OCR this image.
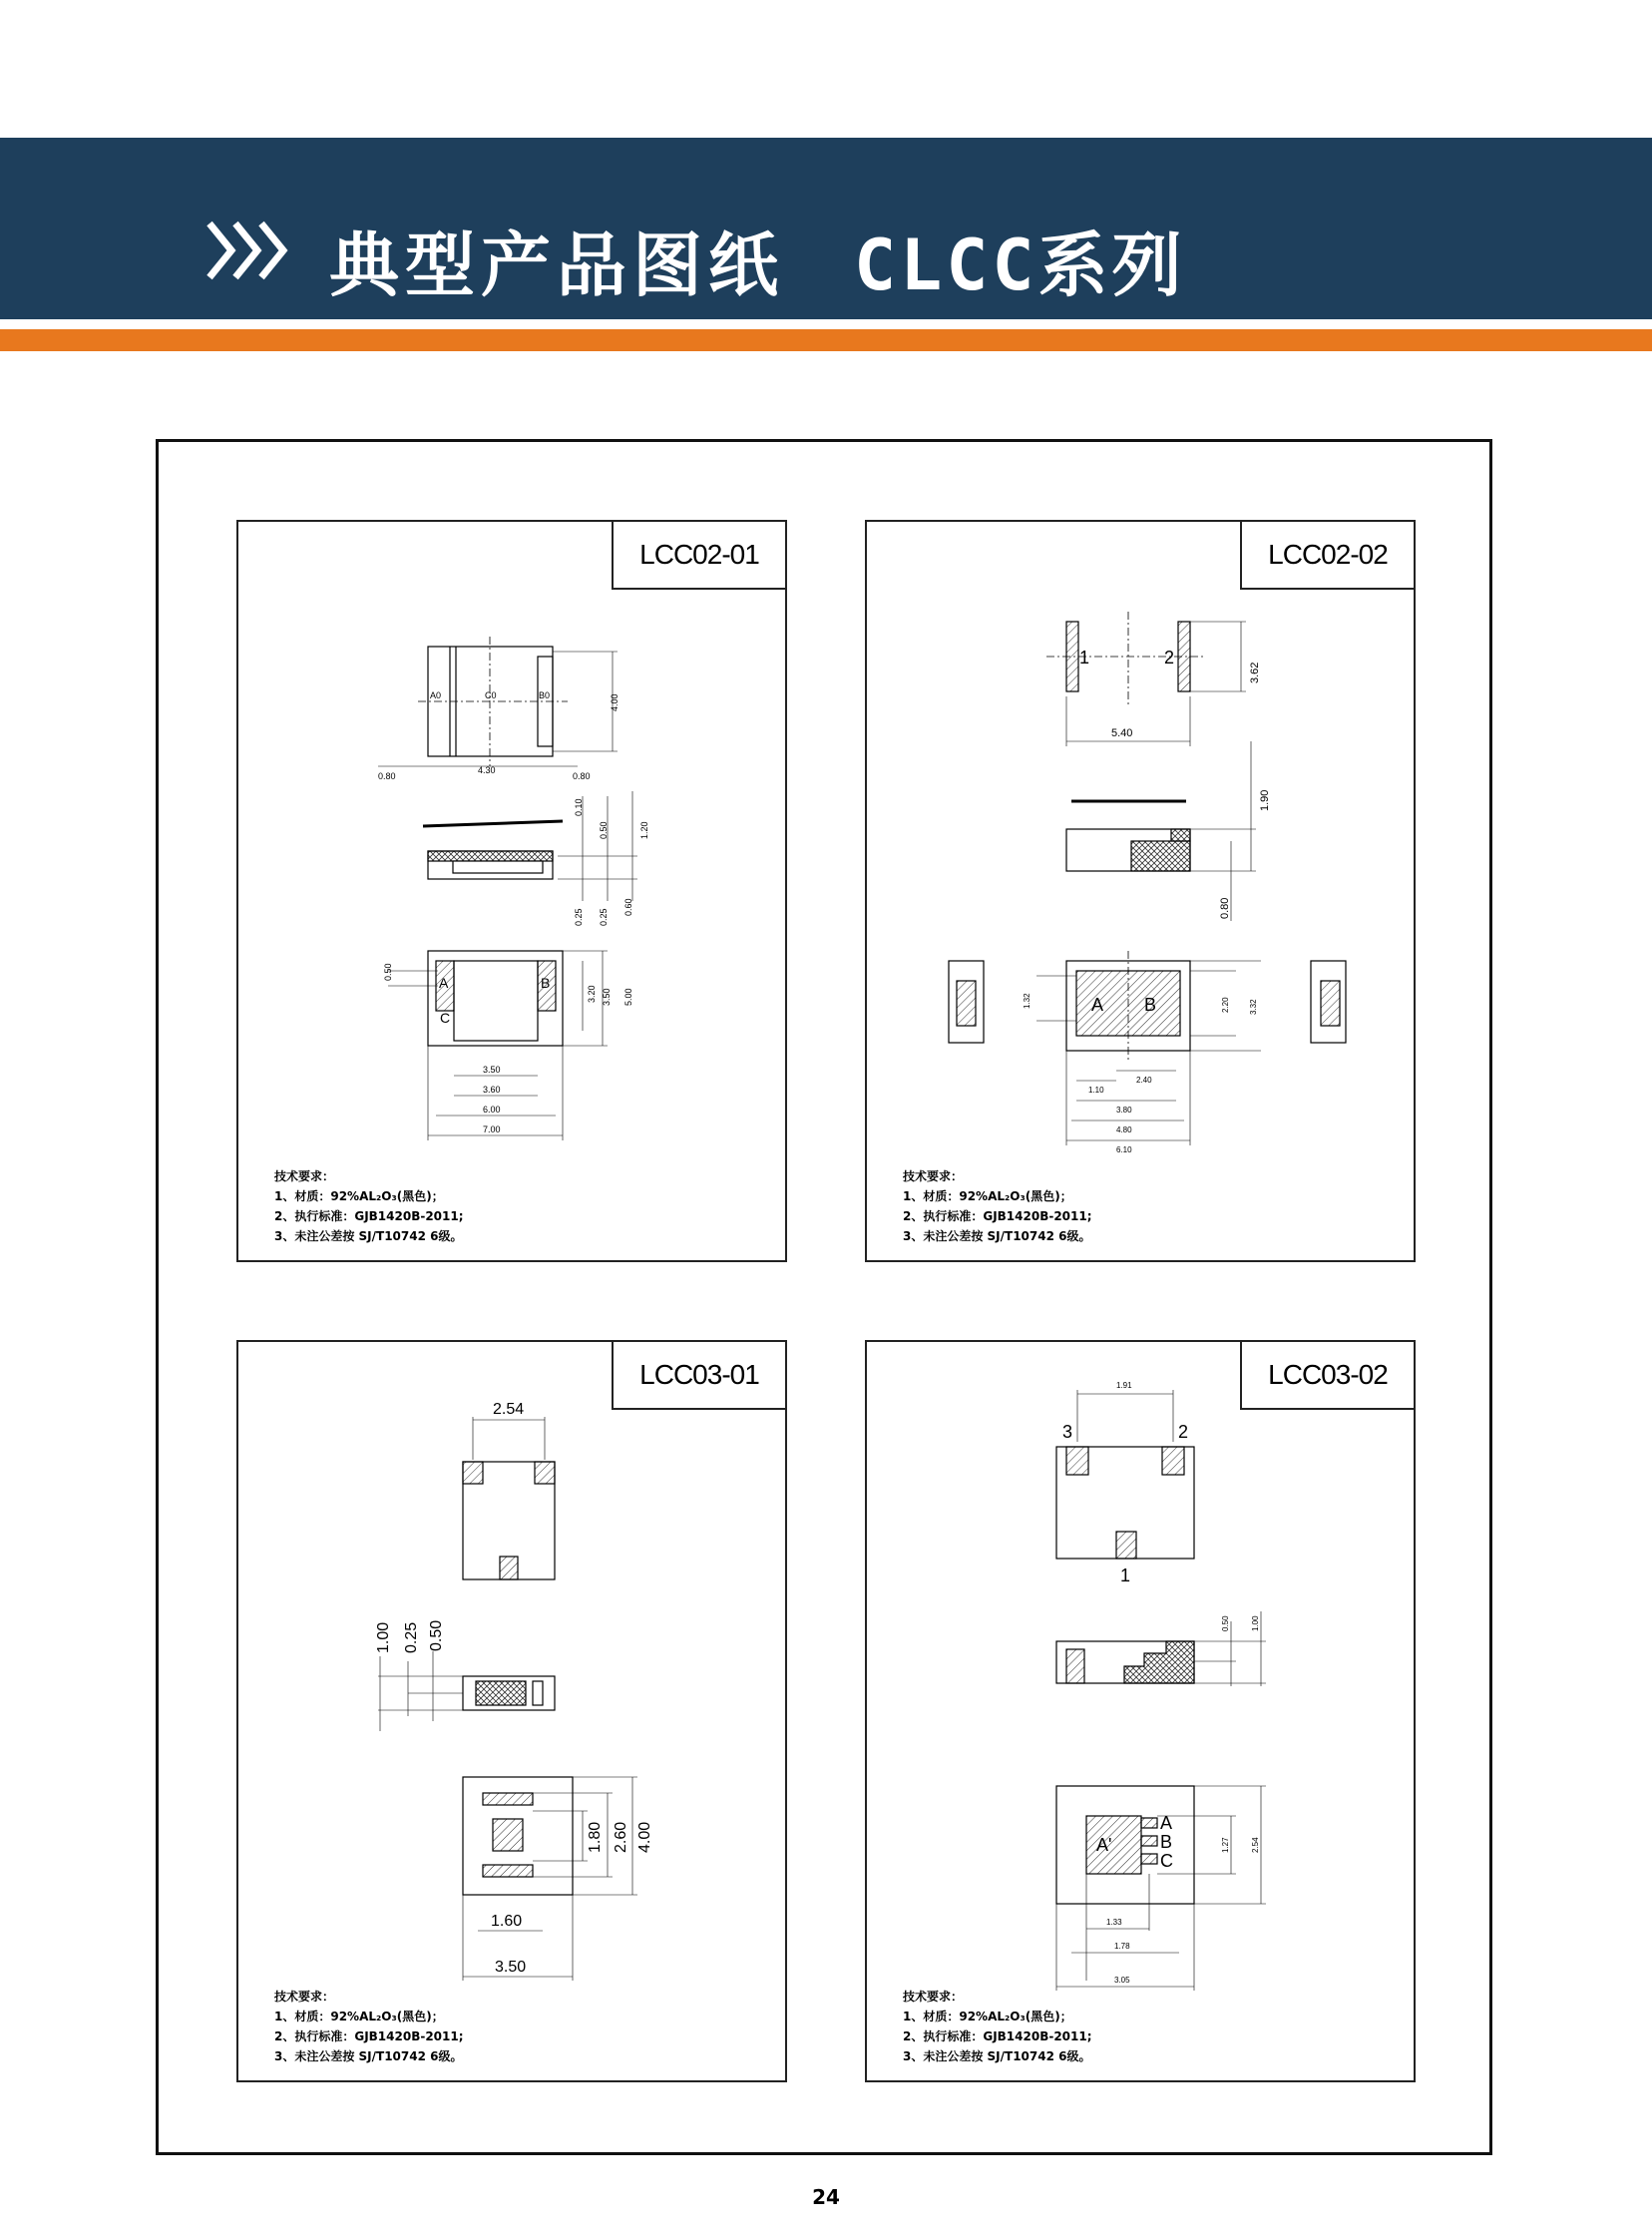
典型产品图纸 CLCC系列
LCC02-01
A0	C0	B0
0.80
4.30
0.80
4.00
0.10
0.50	1.20
0.25 0.25
0.60
0.50
3.50
3.60
6.00
7.00
3.20 3.50 5.00
A	B
C
技术要求：
1、材质：92%AL₂O₃(黑色)；
2、执行标准：GJB1420B-2011;
3、未注公差按 SJ/T10742 6级。
LCC02-02
1	2
A B
5.40
3.62
1.90
0.80
1.32	2.20 3.32
1.10
2.40
3.80
4.80
6.10
技术要求：
1、材质：92%AL₂O₃(黑色)；
2、执行标准：GJB1420B-2011;
3、未注公差按 SJ/T10742 6级。
LCC03-01
2.54
1.00 0.25 0.50
1.80 2.60 4.00
1.60
3.50
技术要求：
1、材质：92%AL₂O₃(黑色)；
2、执行标准：GJB1420B-2011;
3、未注公差按 SJ/T10742 6级。
LCC03-02
3	2
1
A'
A
B
C
1.91
0.50	1.00
1.27	2.54
1.33
1.78
3.05
技术要求：
1、材质：92%AL₂O₃(黑色)；
2、执行标准：GJB1420B-2011;
3、未注公差按 SJ/T10742 6级。
24
